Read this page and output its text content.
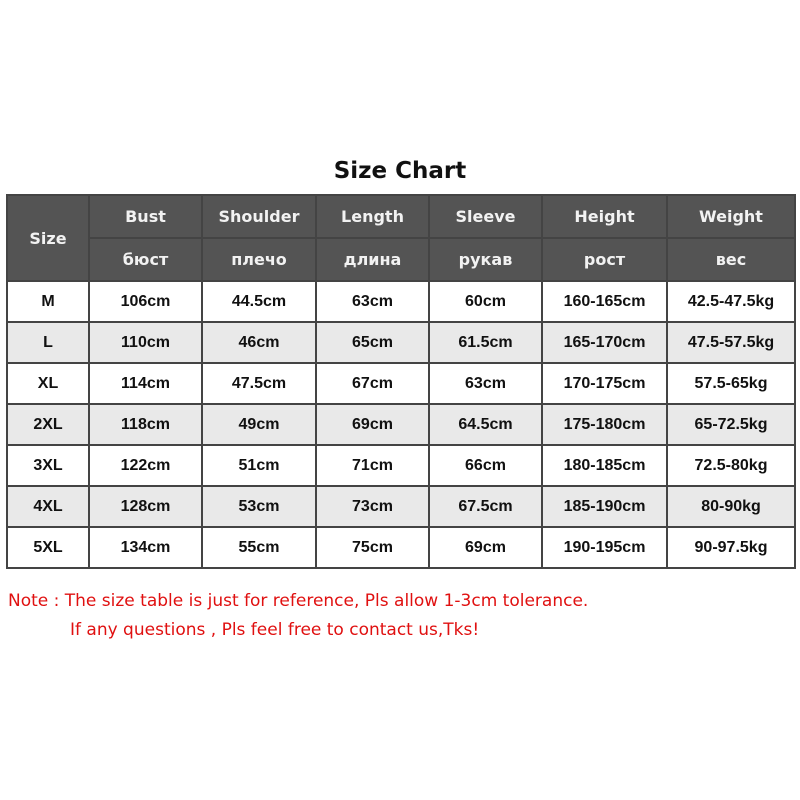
Size Chart
Size	Bust	Shoulder	Length	Sleeve	Height	Weight
	бюст	плечо	длина	рукав	рост	вес
M	106cm	44.5cm	63cm	60cm	160-165cm	42.5-47.5kg
L	110cm	46cm	65cm	61.5cm	165-170cm	47.5-57.5kg
XL	114cm	47.5cm	67cm	63cm	170-175cm	57.5-65kg
2XL	118cm	49cm	69cm	64.5cm	175-180cm	65-72.5kg
3XL	122cm	51cm	71cm	66cm	180-185cm	72.5-80kg
4XL	128cm	53cm	73cm	67.5cm	185-190cm	80-90kg
5XL	134cm	55cm	75cm	69cm	190-195cm	90-97.5kg
Note : The size table is just for reference, Pls allow 1-3cm tolerance.
If any questions , Pls feel free to contact us,Tks!
